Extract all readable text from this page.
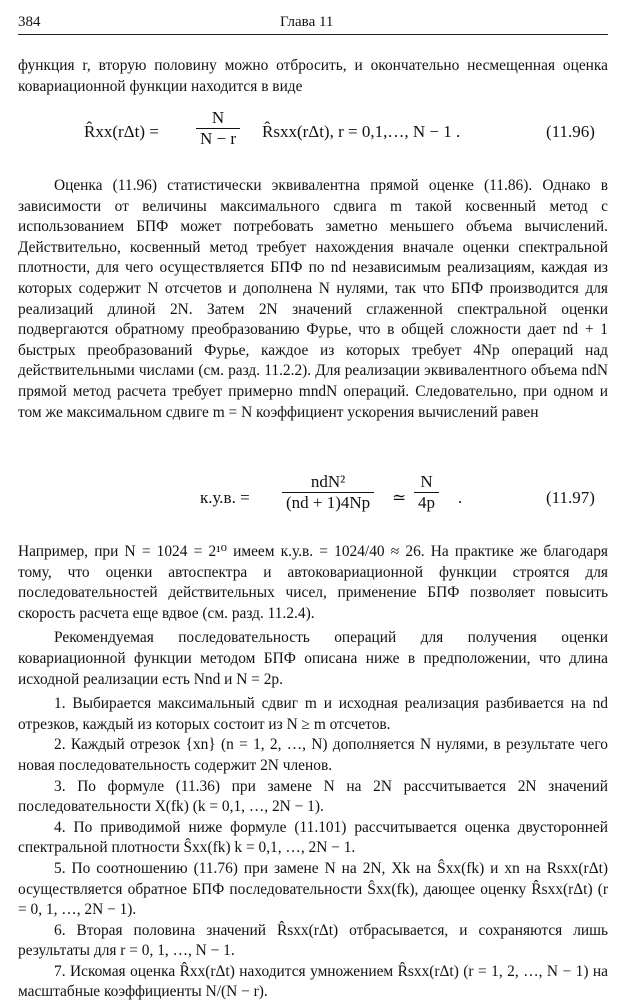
384	Глава 11

функция r, вторую половину можно отбросить, и окончательно несмещенная оценка ковариационной функции находится в виде

R̂xx(rΔt) = $\frac{N}{N - r}$ R̂sxx(rΔt), r = 0,1,…, N − 1 .	(11.96)

Оценка (11.96) статистически эквивалентна прямой оценке (11.86). Однако в зависимости от величины максимального сдвига m такой косвенный метод с использованием БПФ может потребовать заметно меньшего объема вычислений. Действительно, косвенный метод требует нахождения вначале оценки спектральной плотности, для чего осуществляется БПФ по nd независимым реализациям, каждая из которых содержит N отсчетов и дополнена N нулями, так что БПФ производится для реализаций длиной 2N. Затем 2N значений сглаженной спектральной оценки подвергаются обратному преобразованию Фурье, что в общей сложности дает nd + 1 быстрых преобразований Фурье, каждое из которых требует 4Np операций над действительными числами (см. разд. 11.2.2). Для реализации эквивалентного объема ndN прямой метод расчета требует примерно mndN операций. Следовательно, при одном и том же максимальном сдвиге m = N коэффициент ускорения вычислений равен

к.у.в. =
ndN²
(nd + 1)4Np ≃ $\frac{N}{4p}$ .	(11.97)

Например, при N = 1024 = 2¹⁰ имеем к.у.в. = 1024/40 ≈ 26. На практике же благодаря тому, что оценки автоспектра и автоковариационной функции строятся для последовательностей действительных чисел, применение БПФ позволяет повысить скорость расчета еще вдвое (см. разд. 11.2.4).

Рекомендуемая последовательность операций для получения оценки ковариационной функции методом БПФ описана ниже в предположении, что длина исходной реализации есть Nnd и N = 2p.

1. Выбирается максимальный сдвиг m и исходная реализация разбивается на nd отрезков, каждый из которых состоит из N ≥ m отсчетов.

2. Каждый отрезок {xn} (n = 1, 2, …, N) дополняется N нулями, в результате чего новая последовательность содержит 2N членов.

3. По формуле (11.36) при замене N на 2N рассчитывается 2N значений последовательности X(fk) (k = 0,1, …, 2N − 1).

4. По приводимой ниже формуле (11.101) рассчитывается оценка двусторонней спектральной плотности Ŝxx(fk) k = 0,1, …, 2N − 1.

5. По соотношению (11.76) при замене N на 2N, Xk на Ŝxx(fk) и xn на Rsxx(rΔt) осуществляется обратное БПФ последовательности Ŝxx(fk), дающее оценку R̂sxx(rΔt) (r = 0, 1, …, 2N − 1).

6. Вторая половина значений R̂sxx(rΔt) отбрасывается, и сохраняются лишь результаты для r = 0, 1, …, N − 1.

7. Искомая оценка R̂xx(rΔt) находится умножением R̂sxx(rΔt) (r = 1, 2, …, N − 1) на масштабные коэффициенты N/(N − r).
